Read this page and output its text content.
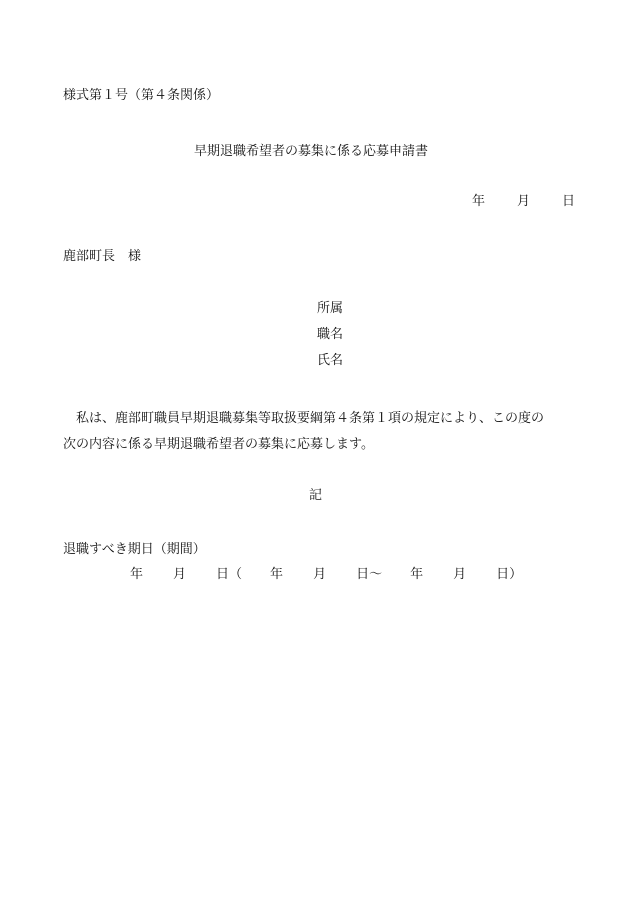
様式第１号（第４条関係）
早期退職希望者の募集に係る応募申請書
年 月 日
鹿部町長　様
所属
職名
氏名
　私は、鹿部町職員早期退職募集等取扱要綱第４条第１項の規定により、この度の
次の内容に係る早期退職希望者の募集に応募します。
記
退職すべき期日（期間）
年 月 日（ 年 月 日～ 年 月 日）
